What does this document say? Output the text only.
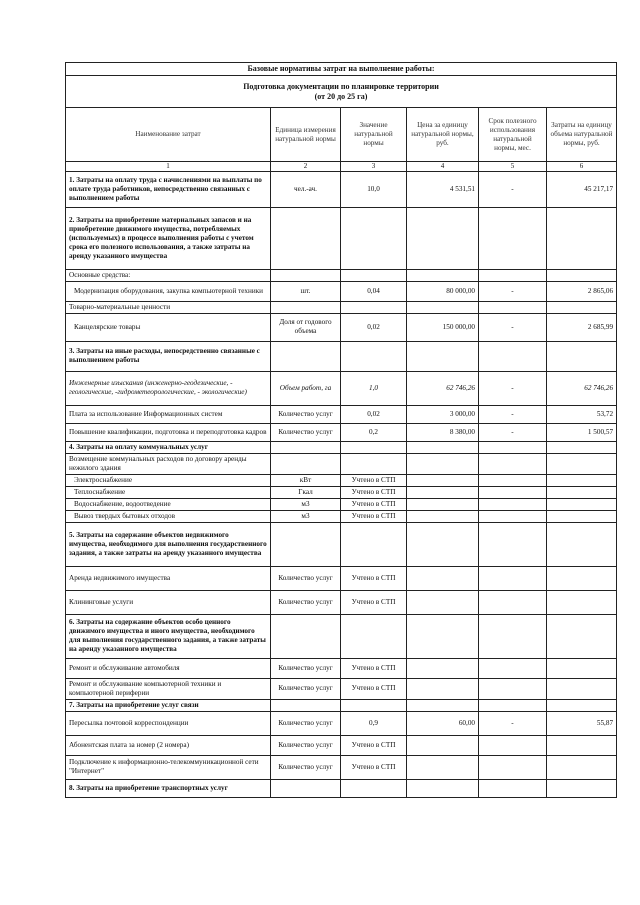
Базовые нормативы затрат на выполнение работы:					

Подготовка документации по планировке территории
(от 20 до 25 га)					

Наименование затрат	Единица измерения натуральной нормы	Значение натуральной нормы	Цена за единицу натуральной нормы, руб.	Срок полезного использования натуральной нормы, мес.	Затраты на единицу объема натуральной нормы, руб.
1	2	3	4	5	6
1. Затраты на оплату труда с начислениями на выплаты по оплате труда работников, непосредственно связанных с выполнением работы	чел.-ач.	10,0	4 531,51	-	45 217,17
2. Затраты на приобретение материальных запасов и на приобретение движимого имущества, потребляемых (используемых) в процессе выполнения работы с учетом срока его полезного использования, а также затраты на аренду указанного имущества					
Основные средства:					
Модернизация оборудования, закупка компьютерной техники	шт.	0,04	80 000,00	-	2 865,06
Товарно-материальные ценности					
Канцелярские товары	Доля от годового объема	0,02	150 000,00	-	2 685,99
3. Затраты на иные расходы, непосредственно связанные с выполнением работы					
Инженерные изыскания (инженерно-геодезические, - геологические, -гидрометеорологические, - экологические)	Объем работ, га	1,0	62 746,26	-	62 746,26
Плата за использование Информационных систем	Количество услуг	0,02	3 000,00	-	53,72
Повышение квалификации, подготовка и переподготовка кадров	Количество услуг	0,2	8 380,00	-	1 500,57
4. Затраты на оплату коммунальных услуг					
Возмещение коммунальных расходов по договору аренды нежилого здания					
Электроснабжение	кВт	Учтено в СТП			
Теплоснабжение	Гкал	Учтено в СТП			
Водоснабжение, водоотведение	м3	Учтено в СТП			
Вывоз твердых бытовых отходов	м3	Учтено в СТП			
5. Затраты на содержание объектов недвижимого имущества, необходимого для выполнения государственного задания, а также затраты на аренду указанного имущества					
Аренда недвижимого имущества	Количество услуг	Учтено в СТП			
Клининговые услуги	Количество услуг	Учтено в СТП			
6. Затраты на содержание объектов особо ценного движимого имущества и иного имущества, необходимого для выполнения государственного задания, а также затраты на аренду указанного имущества					
Ремонт и обслуживание автомобиля	Количество услуг	Учтено в СТП			
Ремонт и обслуживание компьютерной техники и компьютерной периферии	Количество услуг	Учтено в СТП			
7. Затраты на приобретение услуг связи					
Пересылка почтовой корреспонденции	Количество услуг	0,9	60,00	-	55,87
Абонентская плата за номер (2 номера)	Количество услуг	Учтено в СТП			
Подключение к информационно-телекоммуникационной сети "Интернет"	Количество услуг	Учтено в СТП			
8. Затраты на приобретение транспортных услуг					
